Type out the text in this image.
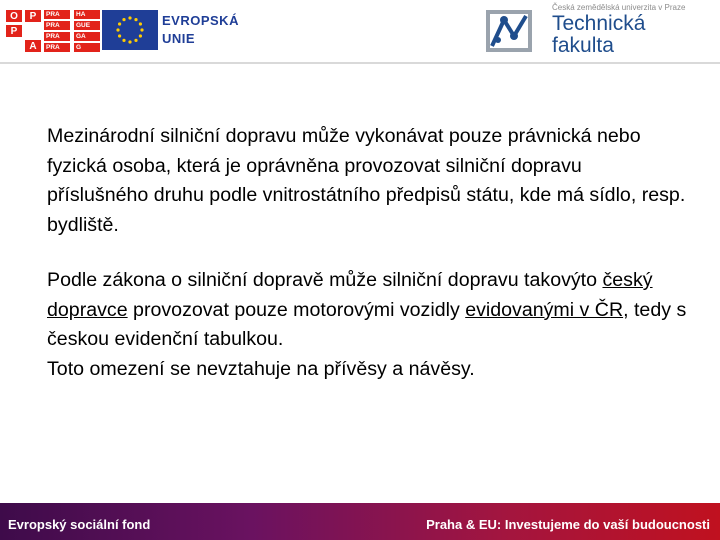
O	P
P
A
PRA	HA
PRA	GUE
PRA	GA
PRA	G
EVROPSKÁ
UNIE
Česká zemědělská univerzita v Praze
Technická
fakulta

Mezinárodní silniční dopravu může vykonávat pouze právnická nebo fyzická osoba, která je oprávněna provozovat silniční dopravu příslušného druhu podle vnitrostátního předpisů státu, kde má sídlo, resp. bydliště.

Podle zákona o silniční dopravě může silniční dopravu takovýto český dopravce provozovat pouze motorovými vozidly evidovanými v ČR, tedy s českou evidenční tabulkou.

Toto omezení se nevztahuje na přívěsy a návěsy.

Evropský sociální fond	Praha & EU: Investujeme do vaší budoucnosti
